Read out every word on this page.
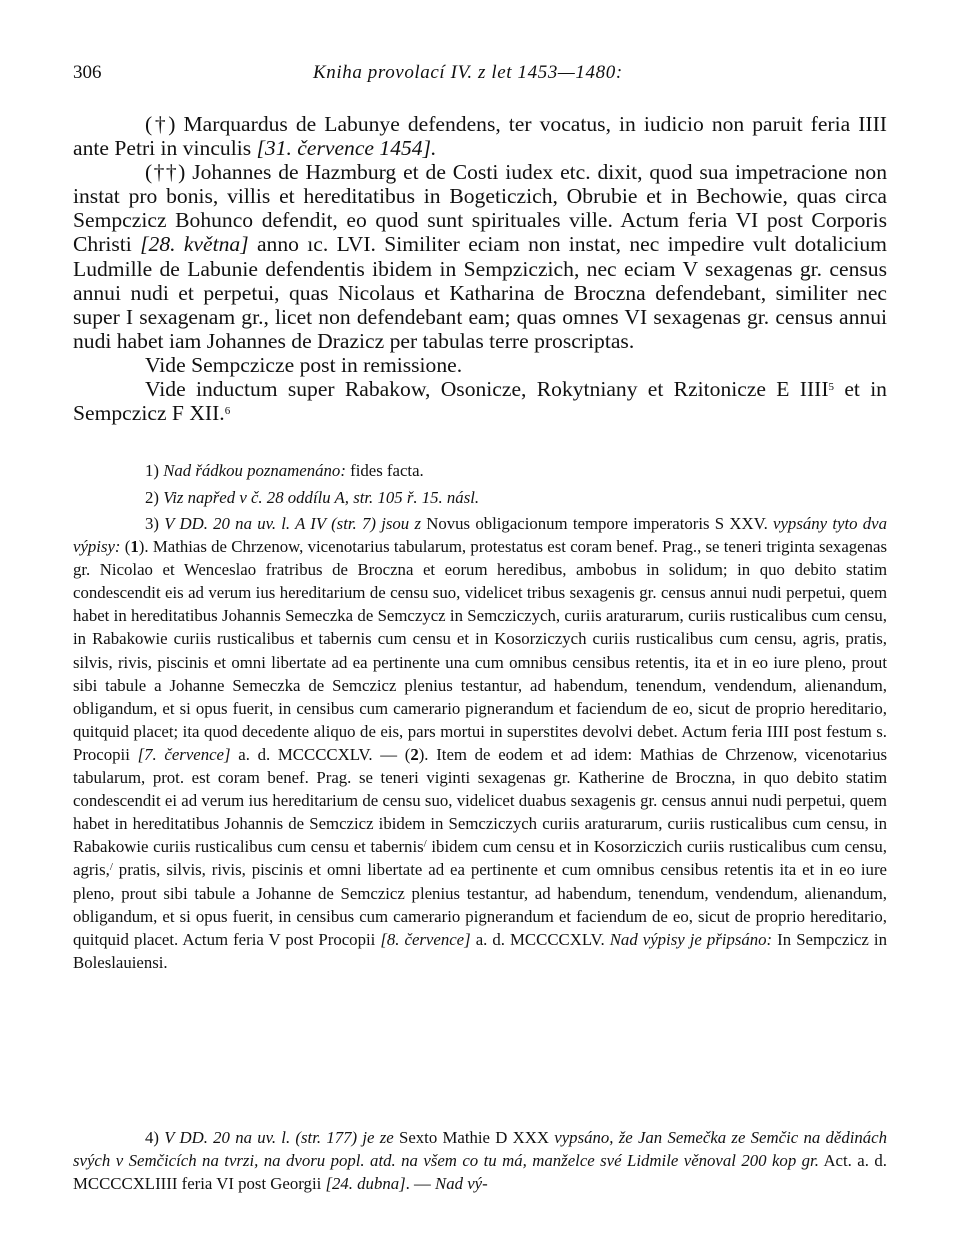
306	Kniha provolací IV. z let 1453—1480:

(†) Marquardus de Labunye defendens, ter vocatus, in iudicio non paruit feria IIII ante Petri in vinculis [31. července 1454].

(††) Johannes de Hazmburg et de Costi iudex etc. dixit, quod sua impetracione non instat pro bonis, villis et hereditatibus in Bogeticzich, Obrubie et in Bechowie, quas circa Sempczicz Bohunco defendit, eo quod sunt spirituales ville. Actum feria VI post Corporis Christi [28. května] anno ıc. LVI. Similiter eciam non instat, nec impedire vult dotalicium Ludmille de Labunie defendentis ibidem in Sempziczich, nec eciam V sexagenas gr. census annui nudi et perpetui, quas Nicolaus et Katharina de Broczna defendebant, similiter nec super I sexagenam gr., licet non defendebant eam; quas omnes VI sexagenas gr. census annui nudi habet iam Johannes de Drazicz per tabulas terre proscriptas.

Vide Sempczicze post in remissione.

Vide inductum super Rabakow, Osonicze, Rokytniany et Rzitonicze E IIII$^5$ et in Sempczicz F XII.$^6$

1) Nad řádkou poznamenáno: fides facta.

2) Viz napřed v č. 28 oddílu A, str. 105 ř. 15. násl.

3) V DD. 20 na uv. l. A IV (str. 7) jsou z Novus obligacionum tempore imperatoris S XXV. vypsány tyto dva výpisy: (1). Mathias de Chrzenow, vicenotarius tabularum, protestatus est coram benef. Prag., se teneri triginta sexagenas gr. Nicolao et Wenceslao fratribus de Broczna et eorum heredibus, ambobus in solidum; in quo debito statim condescendit eis ad verum ius hereditarium de censu suo, videlicet tribus sexagenis gr. census annui nudi perpetui, quem habet in hereditatibus Johannis Semeczka de Semczycz in Semcziczych, curiis araturarum, curiis rusticalibus cum censu, in Rabakowie curiis rusticalibus et tabernis cum censu et in Kosorziczych curiis rusticalibus cum censu, agris, pratis, silvis, rivis, piscinis et omni libertate ad ea pertinente una cum omnibus censibus retentis, ita et in eo iure pleno, prout sibi tabule a Johanne Semeczka de Semczicz plenius testantur, ad habendum, tenendum, vendendum, alienandum, obligandum, et si opus fuerit, in censibus cum camerario pignerandum et faciendum de eo, sicut de proprio hereditario, quitquid placet; ita quod decedente aliquo de eis, pars mortui in superstites devolvi debet. Actum feria IIII post festum s. Procopii [7. července] a. d. MCCCCXLV. — (2). Item de eodem et ad idem: Mathias de Chrzenow, vicenotarius tabularum, prot. est coram benef. Prag. se teneri viginti sexagenas gr. Katherine de Broczna, in quo debito statim condescendit ei ad verum ius hereditarium de censu suo, videlicet duabus sexagenis gr. census annui nudi perpetui, quem habet in hereditatibus Johannis de Semczicz ibidem in Semcziczych curiis araturarum, curiis rusticalibus cum censu, in Rabakowie curiis rusticalibus cum censu et tabernis/ ibidem cum censu et in Kosorziczich curiis rusticalibus cum censu, agris,/ pratis, silvis, rivis, piscinis et omni libertate ad ea pertinente et cum omnibus censibus retentis ita et in eo iure pleno, prout sibi tabule a Johanne de Semczicz plenius testantur, ad habendum, tenendum, vendendum, alienandum, obligandum, et si opus fuerit, in censibus cum camerario pignerandum et faciendum de eo, sicut de proprio hereditario, quitquid placet. Actum feria V post Procopii [8. července] a. d. MCCCCXLV. Nad výpisy je připsáno: In Sempczicz in Boleslauiensi.

4) V DD. 20 na uv. l. (str. 177) je ze Sexto Mathie D XXX vypsáno, že Jan Semečka ze Semčic na dědinách svých v Semčicích na tvrzi, na dvoru popl. atd. na všem co tu má, manželce své Lidmile věnoval 200 kop gr. Act. a. d. MCCCCXLIIII feria VI post Georgii [24. dubna]. — Nad vý-
